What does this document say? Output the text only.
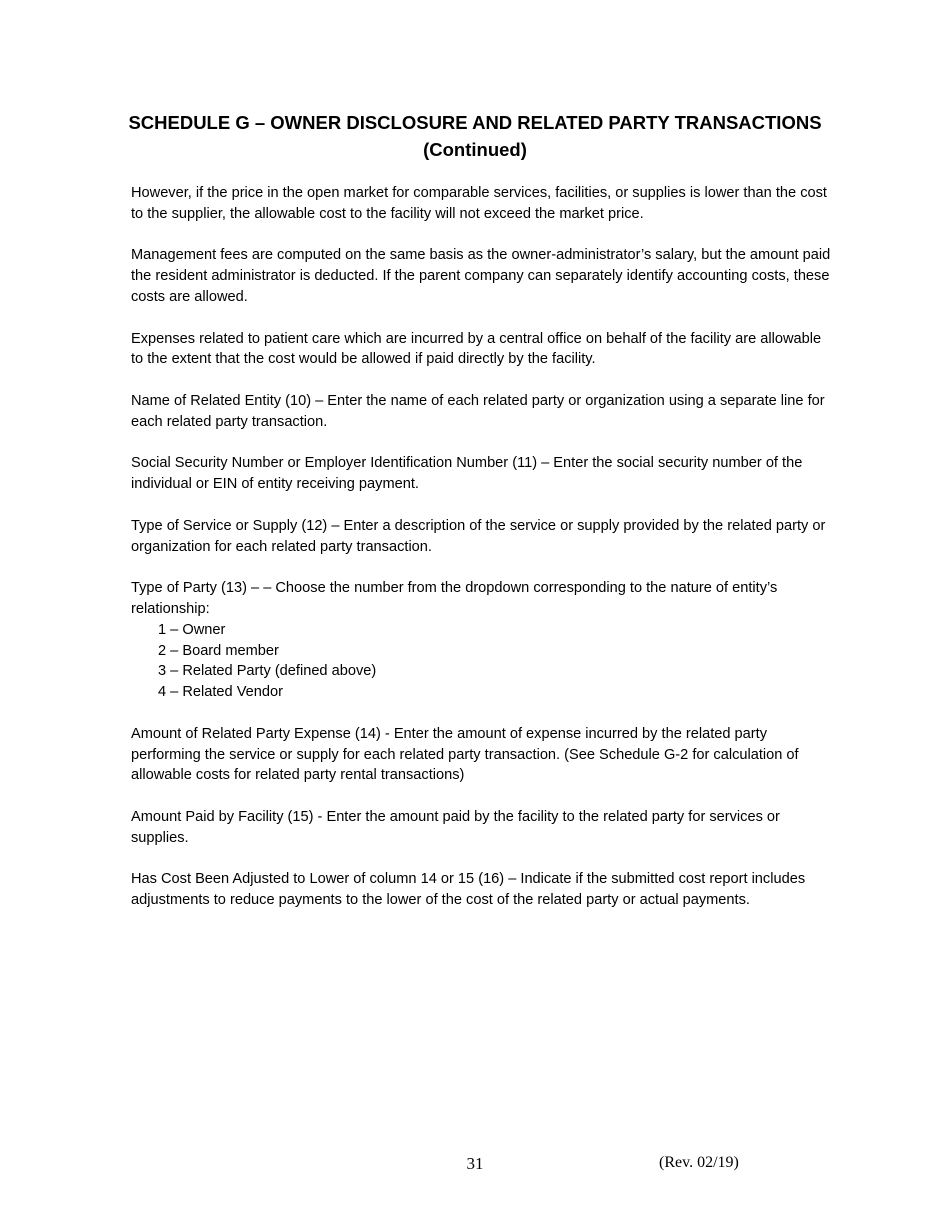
SCHEDULE G – OWNER DISCLOSURE AND RELATED PARTY TRANSACTIONS
(Continued)

However, if the price in the open market for comparable services, facilities, or supplies is lower than the cost to the supplier, the allowable cost to the facility will not exceed the market price.

Management fees are computed on the same basis as the owner-administrator’s salary, but the amount paid the resident administrator is deducted. If the parent company can separately identify accounting costs, these costs are allowed.

Expenses related to patient care which are incurred by a central office on behalf of the facility are allowable to the extent that the cost would be allowed if paid directly by the facility.

Name of Related Entity (10) – Enter the name of each related party or organization using a separate line for each related party transaction.

Social Security Number or Employer Identification Number (11) – Enter the social security number of the individual or EIN of entity receiving payment.

Type of Service or Supply (12) – Enter a description of the service or supply provided by the related party or organization for each related party transaction.

Type of Party (13) – – Choose the number from the dropdown corresponding to the nature of entity’s relationship:

1 – Owner
2 – Board member
3 – Related Party (defined above)
4 – Related Vendor

Amount of Related Party Expense (14) - Enter the amount of expense incurred by the related party performing the service or supply for each related party transaction. (See Schedule G-2 for calculation of allowable costs for related party rental transactions)

Amount Paid by Facility (15) - Enter the amount paid by the facility to the related party for services or supplies.

Has Cost Been Adjusted to Lower of column 14 or 15 (16) – Indicate if the submitted cost report includes adjustments to reduce payments to the lower of the cost of the related party or actual payments.

31	(Rev. 02/19)
